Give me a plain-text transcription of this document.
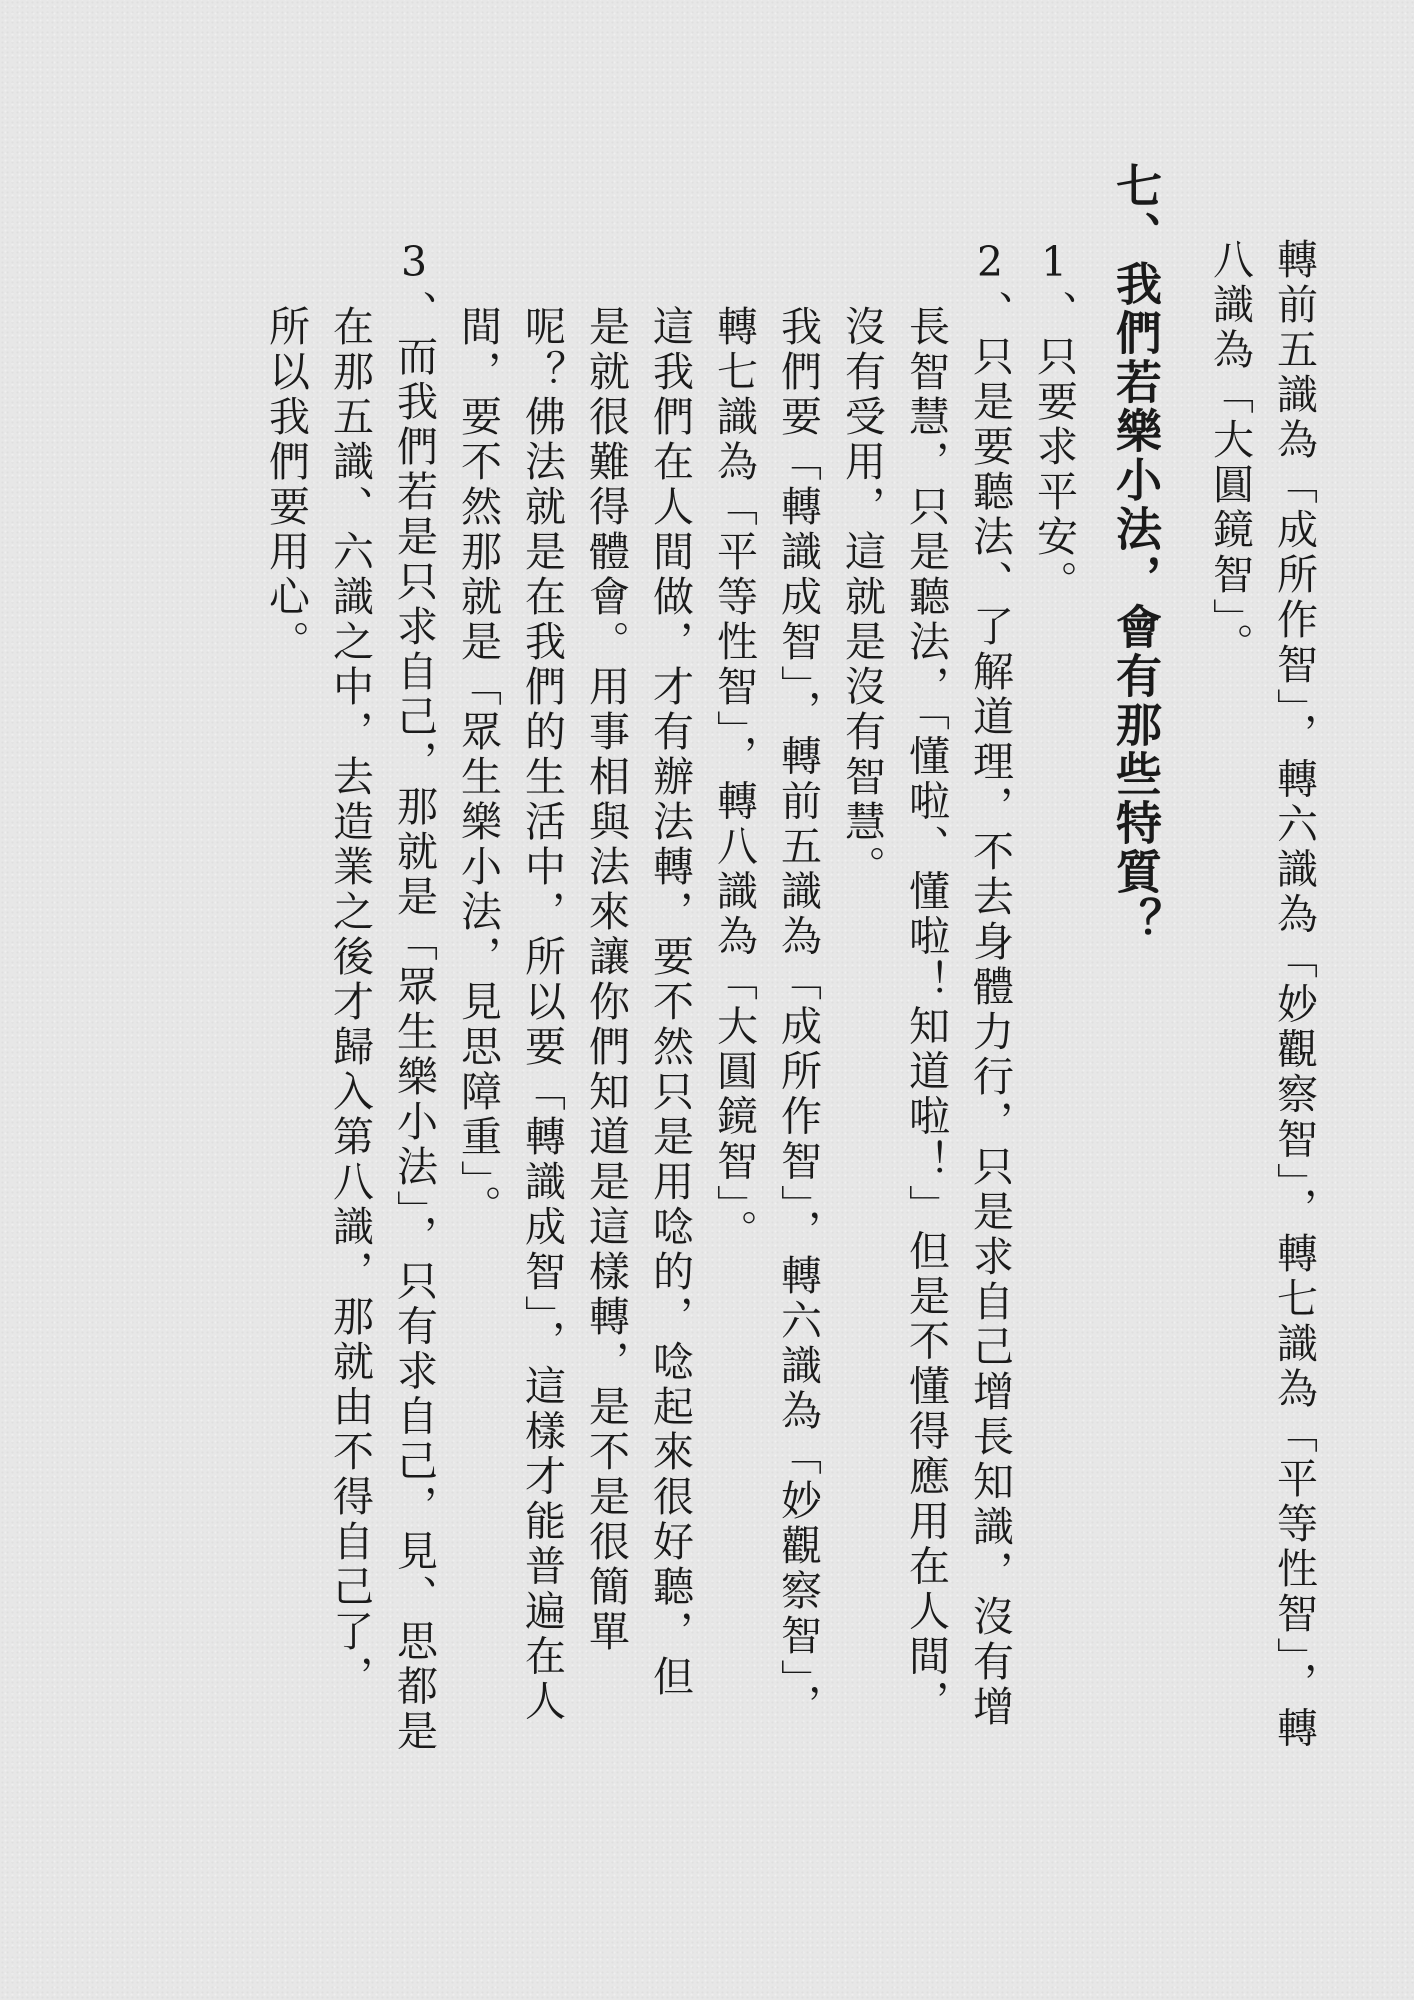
轉前五識為「成所作智」，轉六識為「妙觀察智」，轉七識為「平等性智」，轉
八識為「大圓鏡智」。
七、我們若樂小法，會有那些特質？
1、只要求平安。
2、只是要聽法、了解道理，不去身體力行，只是求自己增長知識，沒有增
長智慧，只是聽法，「懂啦、懂啦！知道啦！」但是不懂得應用在人間，
沒有受用，這就是沒有智慧。
我們要「轉識成智」，轉前五識為「成所作智」，轉六識為「妙觀察智」，
轉七識為「平等性智」，轉八識為「大圓鏡智」。
這我們在人間做，才有辦法轉，要不然只是用唸的，唸起來很好聽，但
是就很難得體會。用事相與法來讓你們知道是這樣轉，是不是很簡單
呢？佛法就是在我們的生活中，所以要「轉識成智」，這樣才能普遍在人
間，要不然那就是「眾生樂小法，見思障重」。
3、而我們若是只求自己，那就是「眾生樂小法」，只有求自己，見、思都是
在那五識、六識之中，去造業之後才歸入第八識，那就由不得自己了，
所以我們要用心。
